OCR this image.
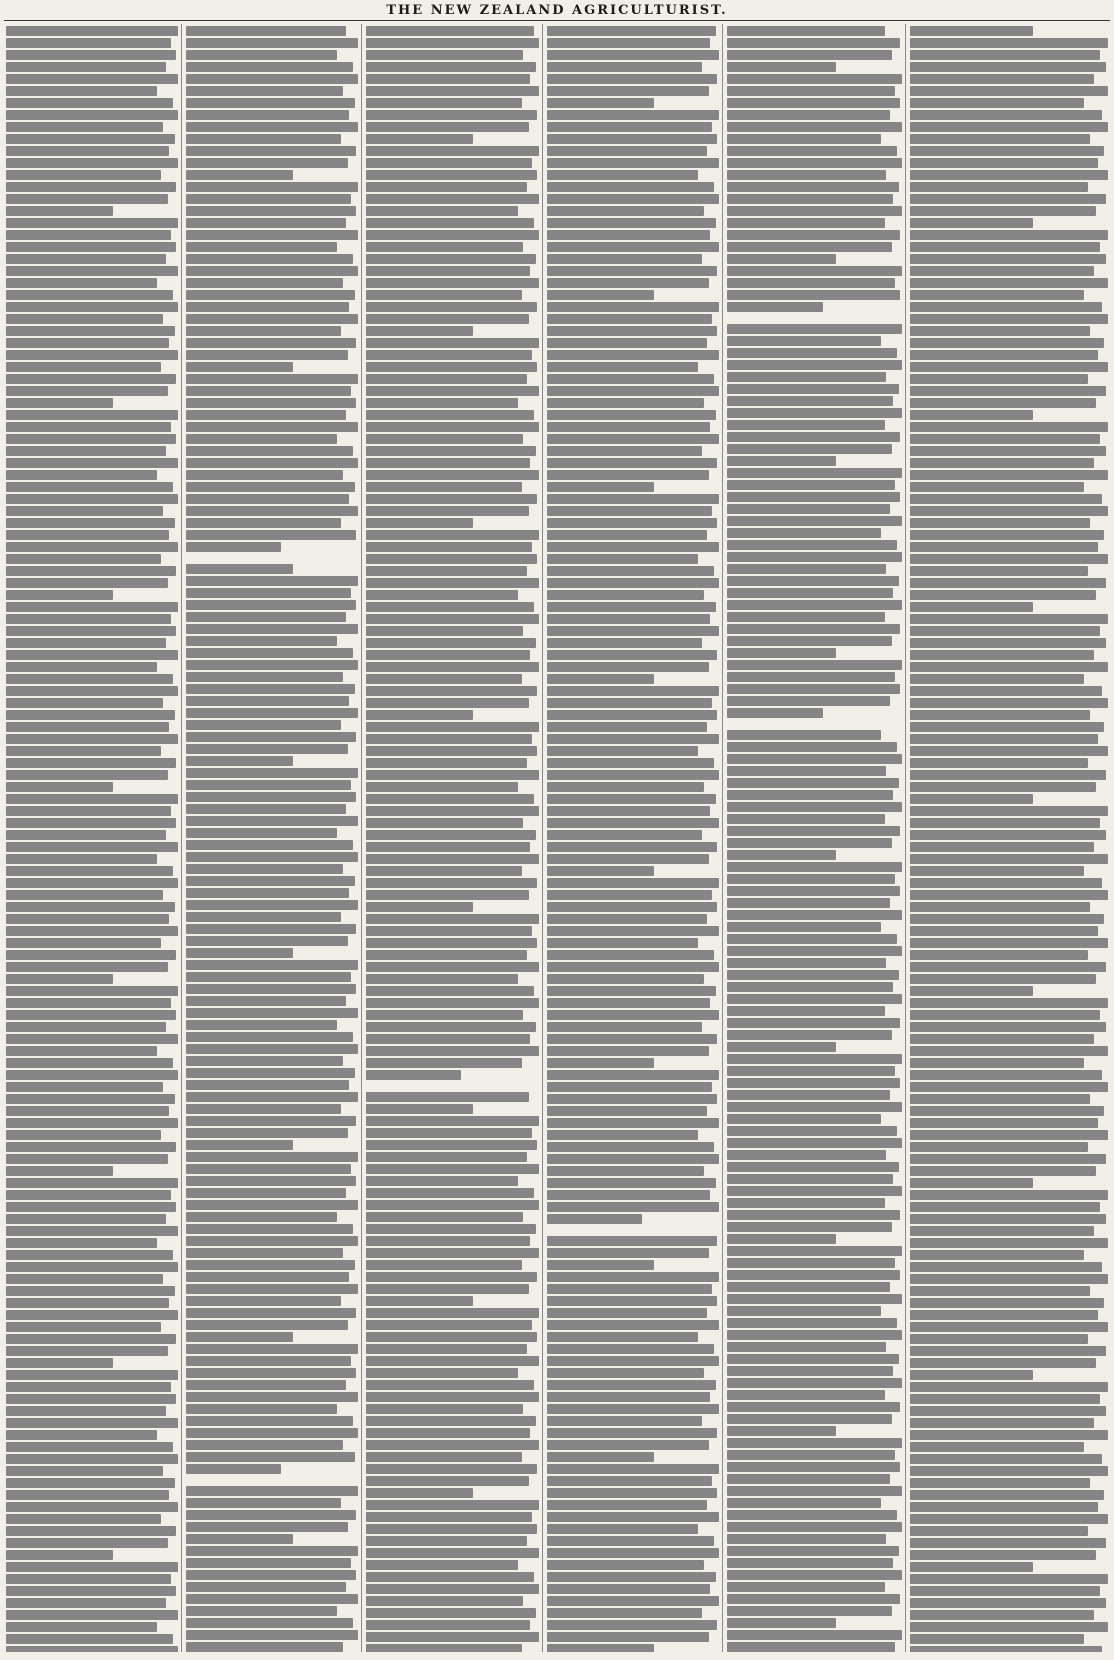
THE NEW ZEALAND AGRICULTURIST.
